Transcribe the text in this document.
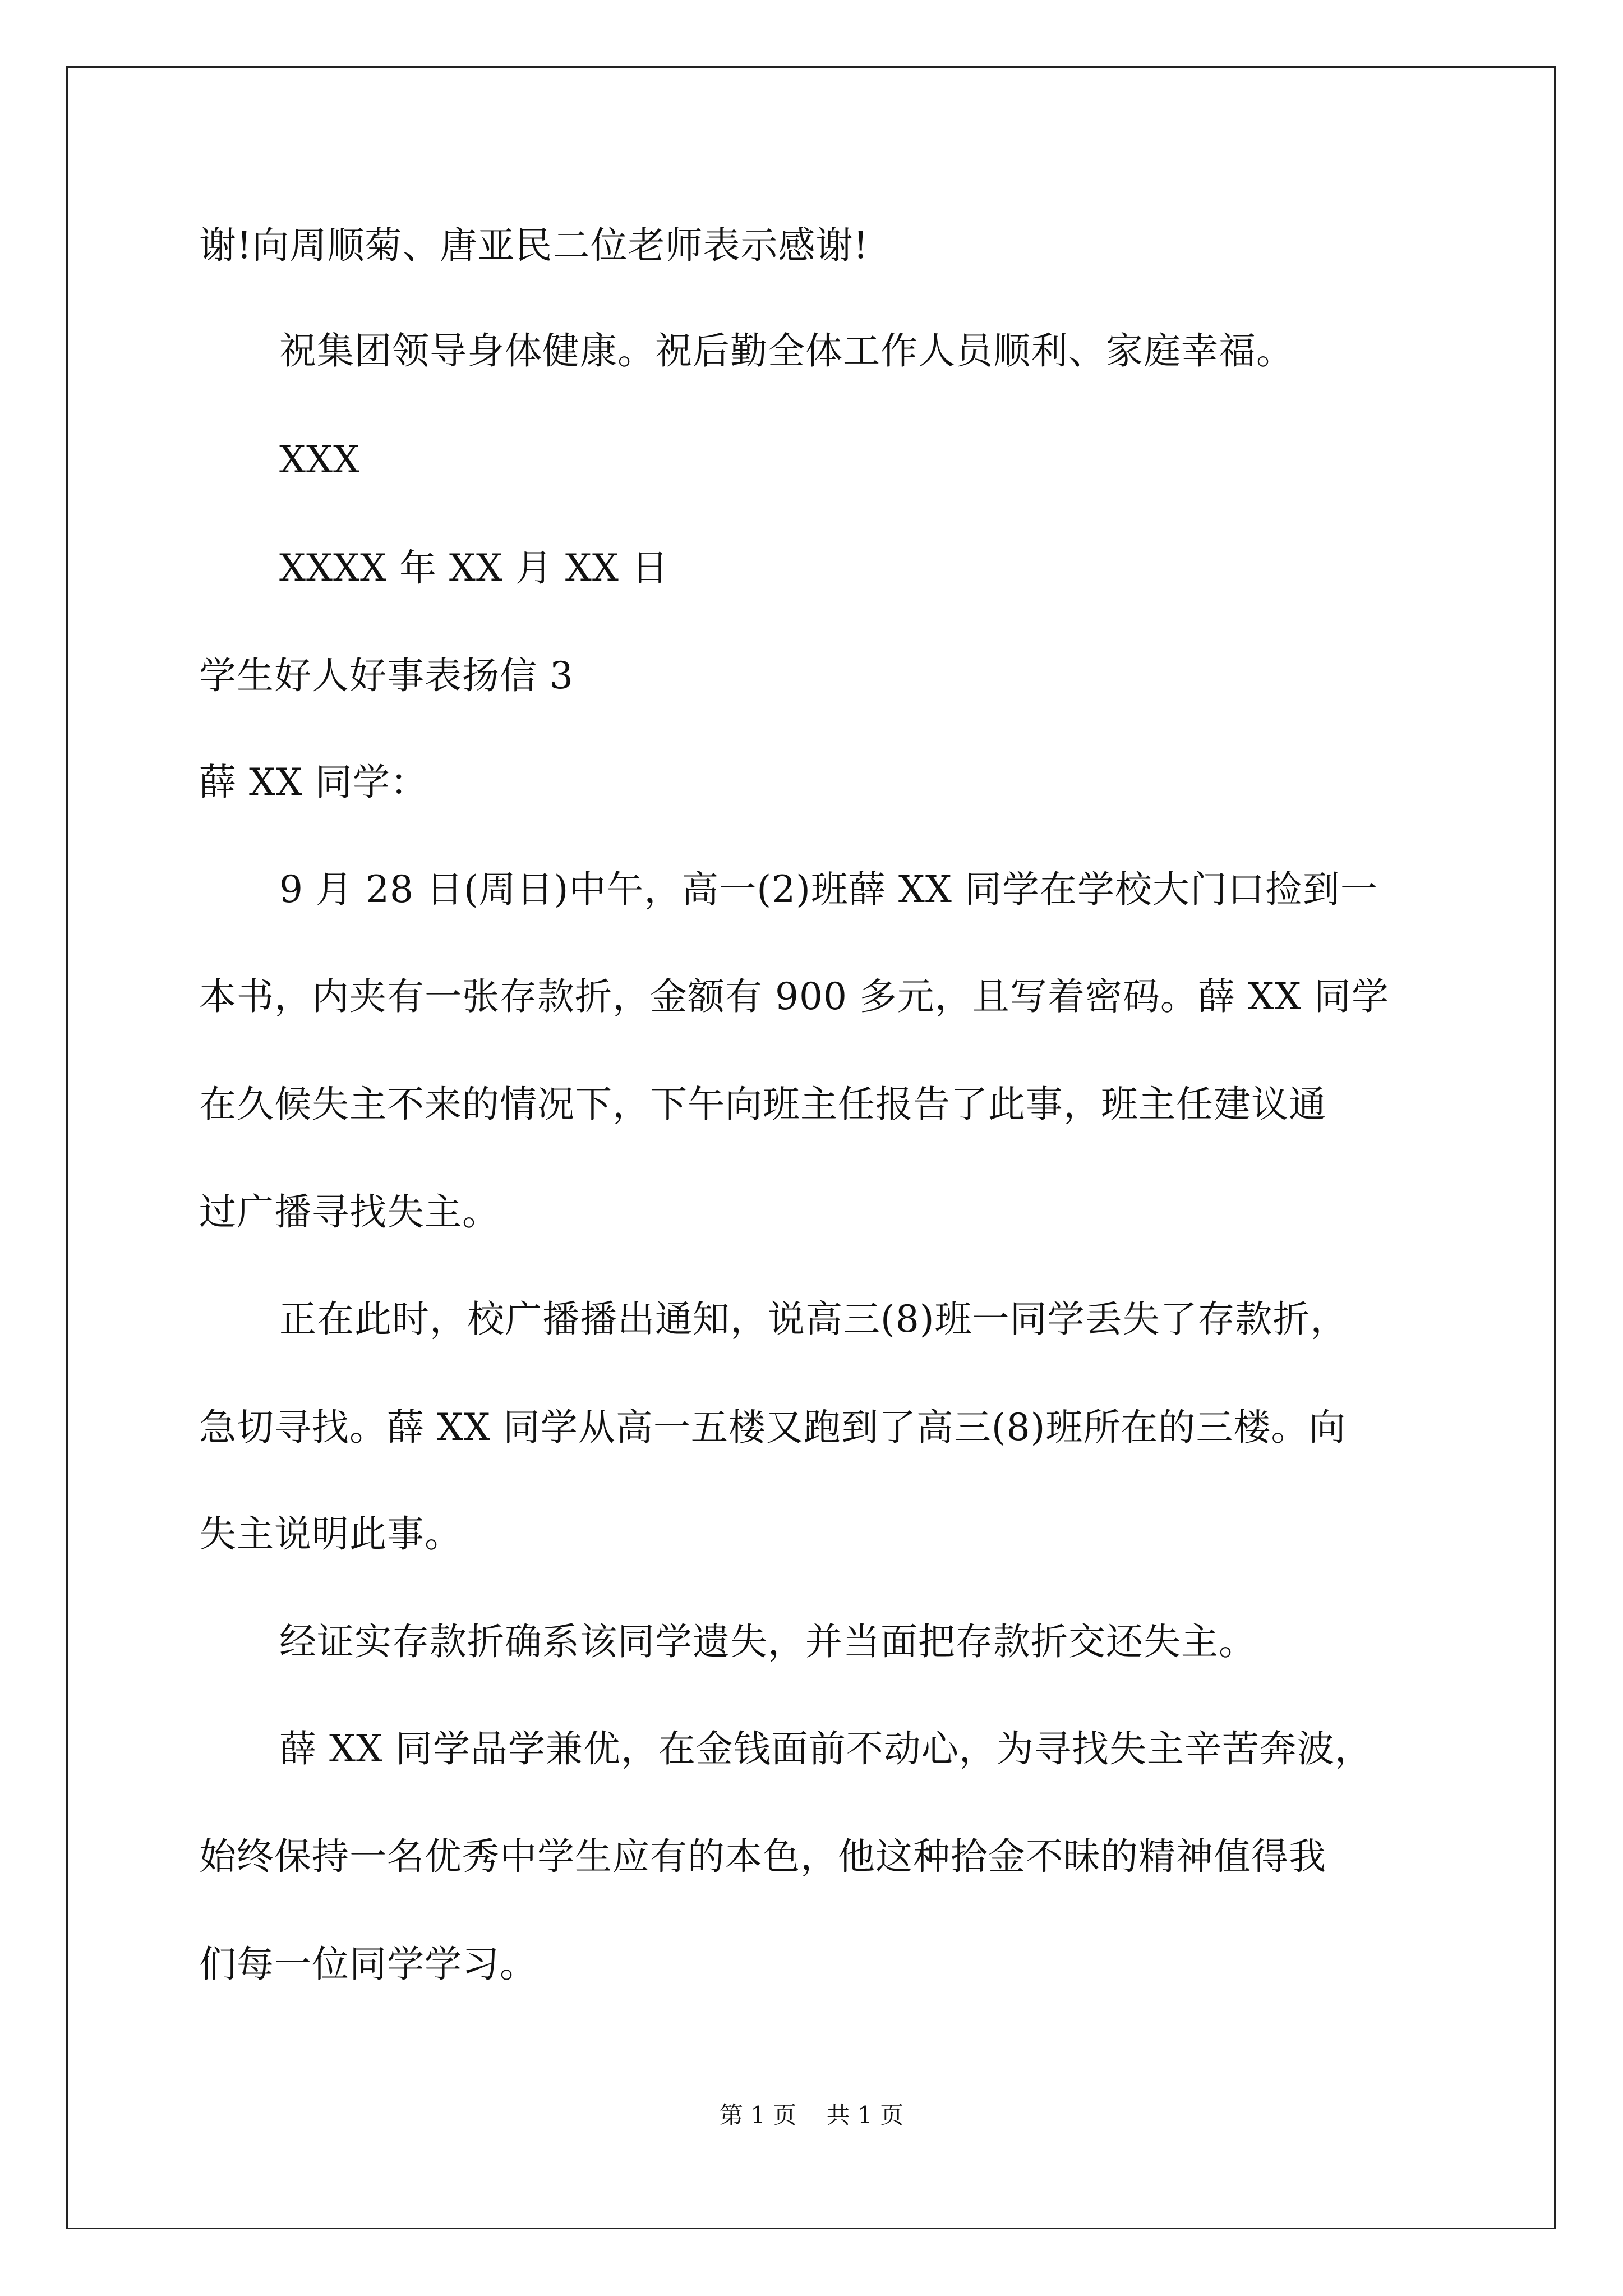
谢!向周顺菊、唐亚民二位老师表示感谢!
祝集团领导身体健康。祝后勤全体工作人员顺利、家庭幸福。
XXX
XXXX 年 XX 月 XX 日
学生好人好事表扬信 3
薛 XX 同学：
9 月 28 日(周日)中午，高一(2)班薛 XX 同学在学校大门口捡到一
本书，内夹有一张存款折，金额有 900 多元，且写着密码。薛 XX 同学
在久候失主不来的情况下，下午向班主任报告了此事，班主任建议通
过广播寻找失主。
正在此时，校广播播出通知，说高三(8)班一同学丢失了存款折，
急切寻找。薛 XX 同学从高一五楼又跑到了高三(8)班所在的三楼。向
失主说明此事。
经证实存款折确系该同学遗失，并当面把存款折交还失主。
薛 XX 同学品学兼优，在金钱面前不动心，为寻找失主辛苦奔波，
始终保持一名优秀中学生应有的本色，他这种拾金不昧的精神值得我
们每一位同学学习。
第 1 页    共 1 页
